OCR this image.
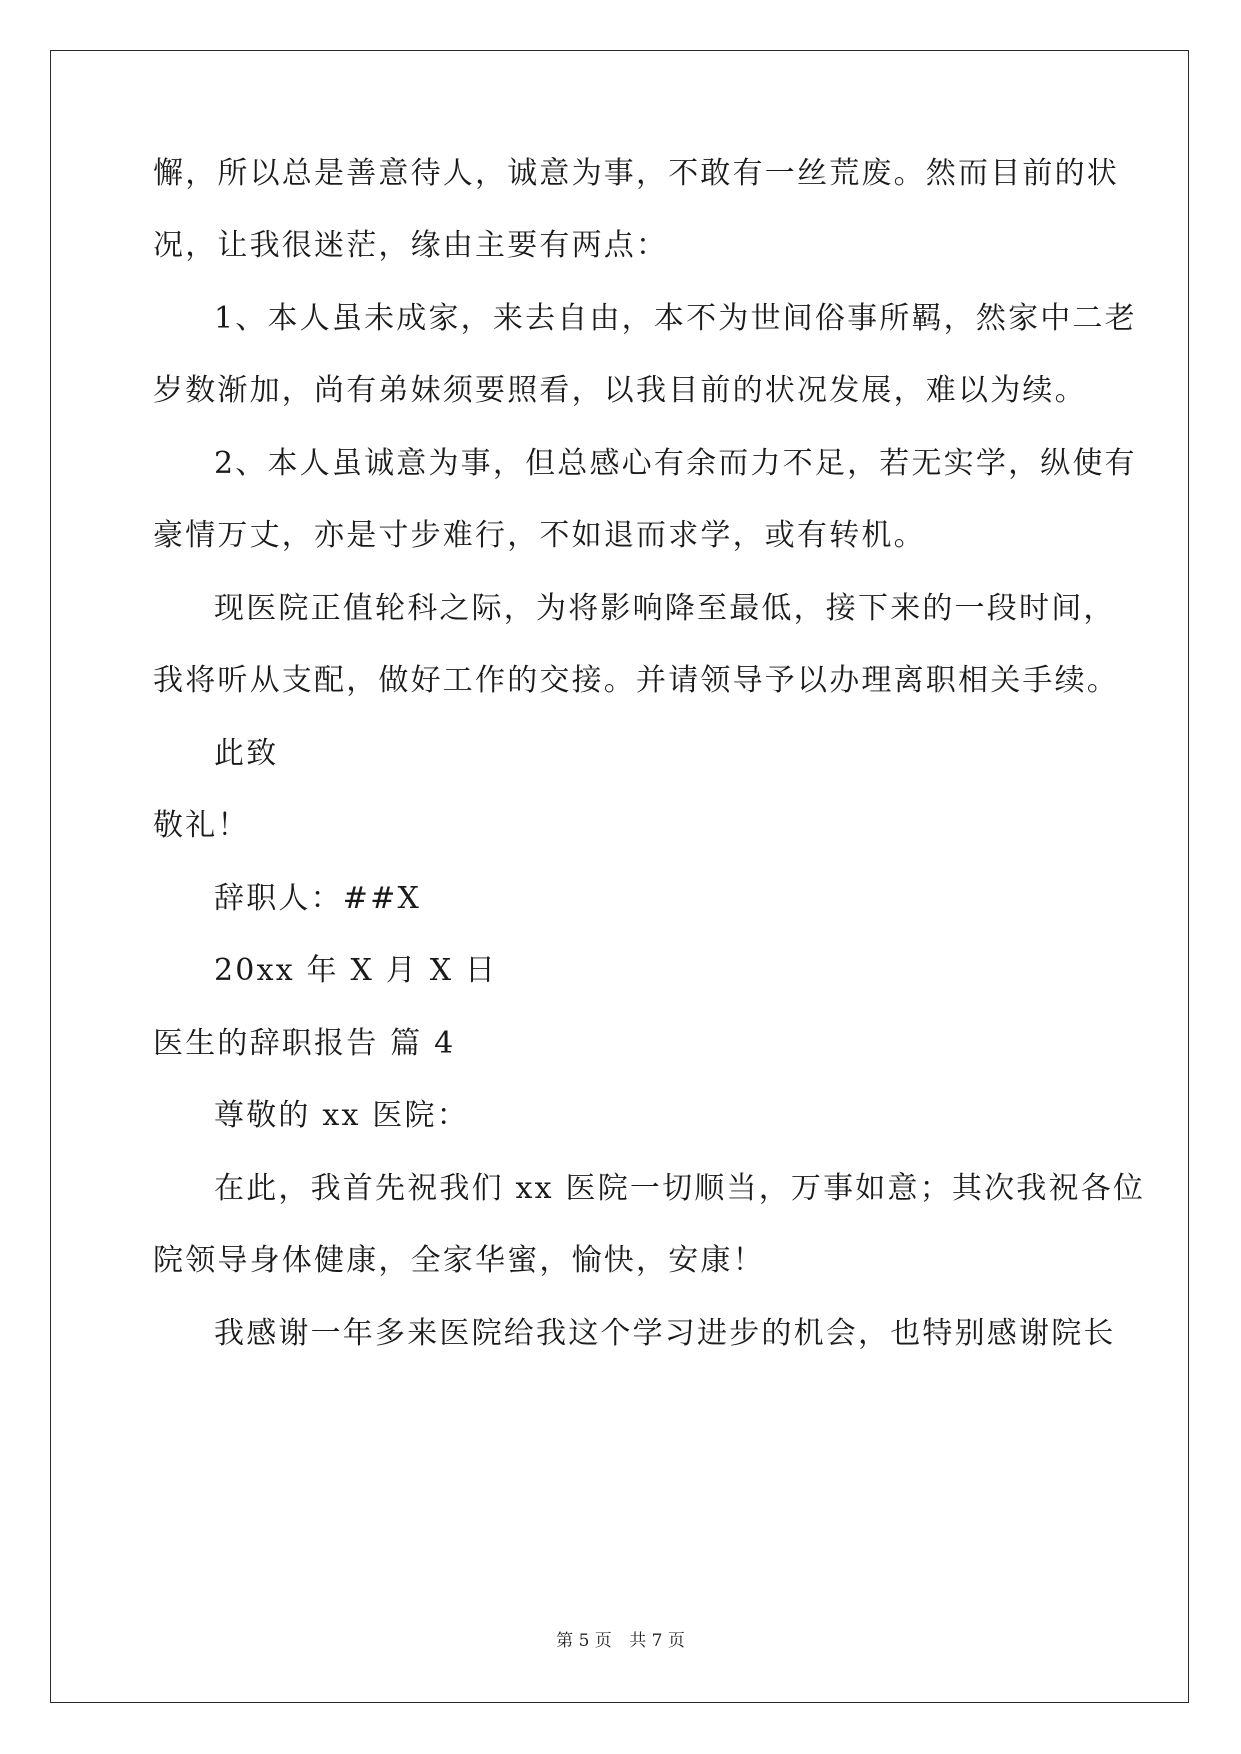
懈，所以总是善意待人，诚意为事，不敢有一丝荒废。然而目前的状
况，让我很迷茫，缘由主要有两点：
1、本人虽未成家，来去自由，本不为世间俗事所羁，然家中二老
岁数渐加，尚有弟妹须要照看，以我目前的状况发展，难以为续。
2、本人虽诚意为事，但总感心有余而力不足，若无实学，纵使有
豪情万丈，亦是寸步难行，不如退而求学，或有转机。
现医院正值轮科之际，为将影响降至最低，接下来的一段时间，
我将听从支配，做好工作的交接。并请领导予以办理离职相关手续。
此致
敬礼！
辞职人：##X
20xx 年 X 月 X 日
医生的辞职报告 篇 4
尊敬的 xx 医院：
在此，我首先祝我们 xx 医院一切顺当，万事如意；其次我祝各位
院领导身体健康，全家华蜜，愉快，安康！
我感谢一年多来医院给我这个学习进步的机会，也特别感谢院长
第 5 页 共 7 页
